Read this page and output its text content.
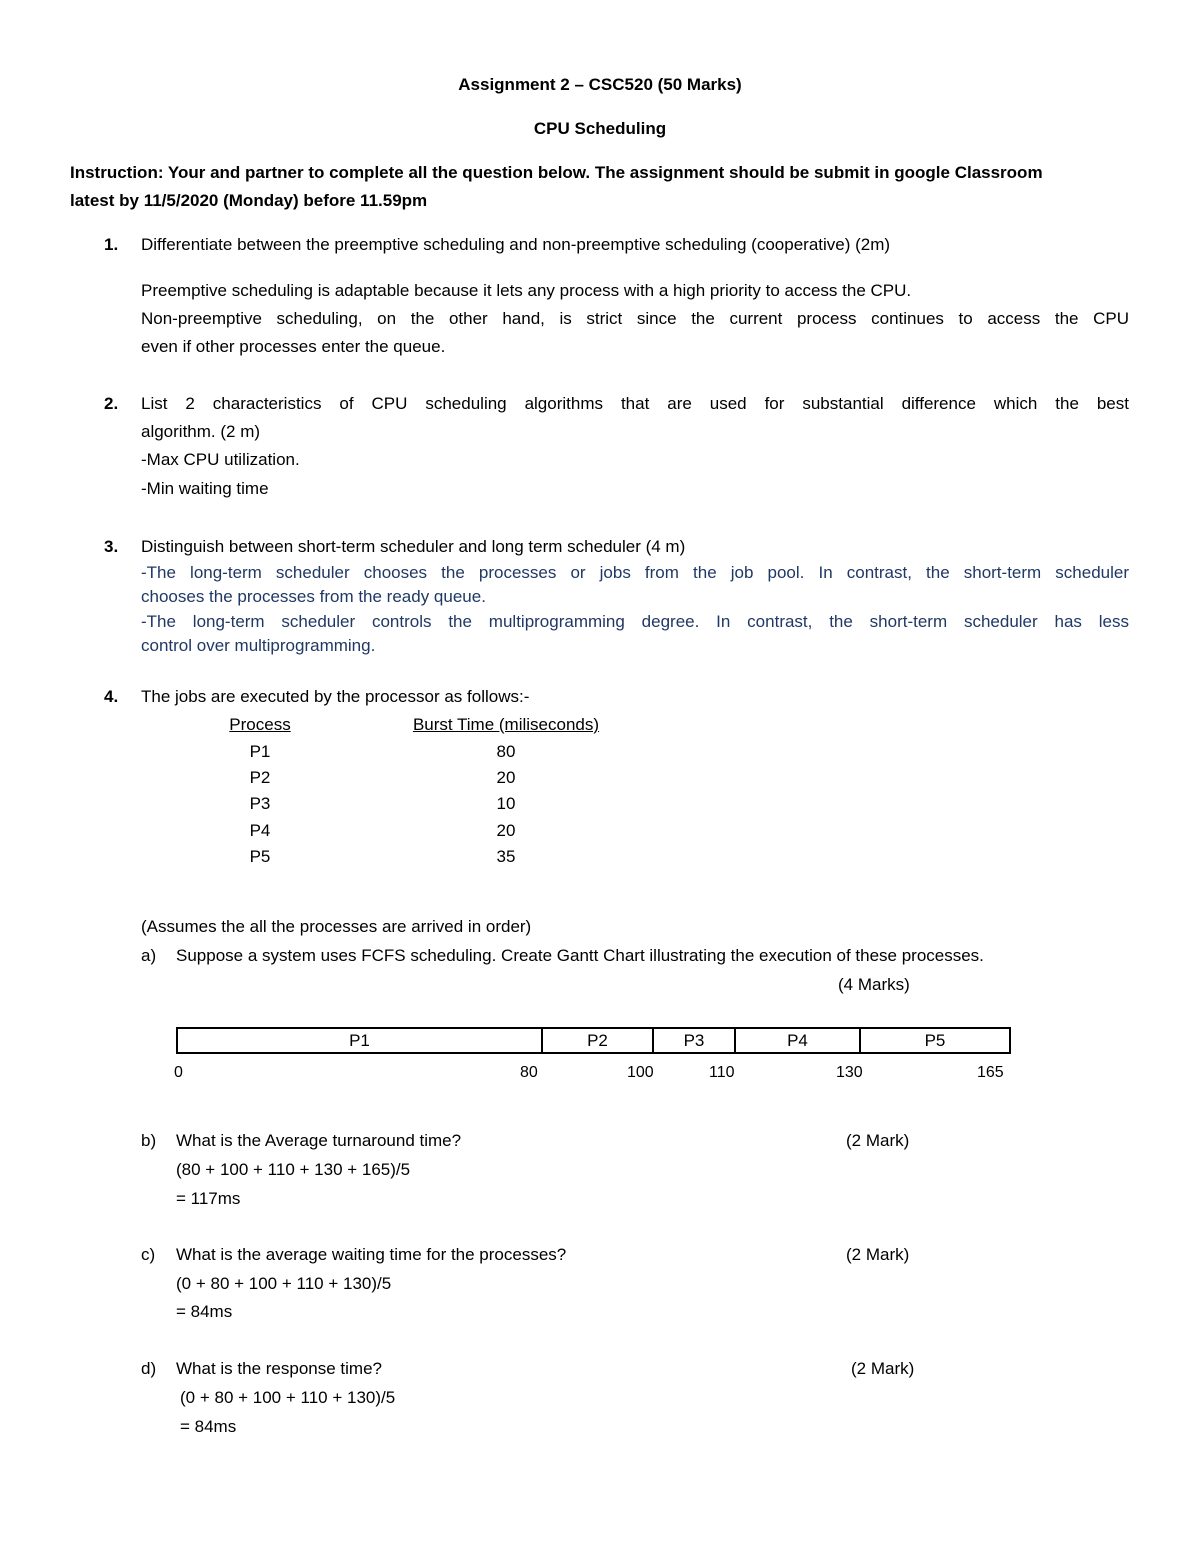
Assignment 2 – CSC520 (50 Marks)
CPU Scheduling
Instruction: Your and partner to complete all the question below. The assignment should be submit in google Classroom
latest by 11/5/2020 (Monday) before 11.59pm
1. Differentiate between the preemptive scheduling and non-preemptive scheduling (cooperative) (2m)
Preemptive scheduling is adaptable because it lets any process with a high priority to access the CPU.
Non-preemptive scheduling, on the other hand, is strict since the current process continues to access the CPU
even if other processes enter the queue.
2. List 2 characteristics of CPU scheduling algorithms that are used for substantial difference which the best
algorithm. (2 m)
-Max CPU utilization.
-Min waiting time
3. Distinguish between short-term scheduler and long term scheduler (4 m)
-The long-term scheduler chooses the processes or jobs from the job pool. In contrast, the short-term scheduler
chooses the processes from the ready queue.
-The long-term scheduler controls the multiprogramming degree. In contrast, the short-term scheduler has less
control over multiprogramming.
4. The jobs are executed by the processor as follows:-
Process	Burst Time (miliseconds)
P1	80
P2	20
P3	10
P4	20
P5	35
(Assumes the all the processes are arrived in order)
a) Suppose a system uses FCFS scheduling. Create Gantt Chart illustrating the execution of these processes.
(4 Marks)
P1	P2	P3	P4	P5
0	80	100	110	130	165
b) What is the Average turnaround time?	(2 Mark)
(80 + 100 + 110 + 130 + 165)/5
= 117ms
c) What is the average waiting time for the processes?	(2 Mark)
(0 + 80 + 100 + 110 + 130)/5
= 84ms
d) What is the response time?	(2 Mark)
(0 + 80 + 100 + 110 + 130)/5
= 84ms
